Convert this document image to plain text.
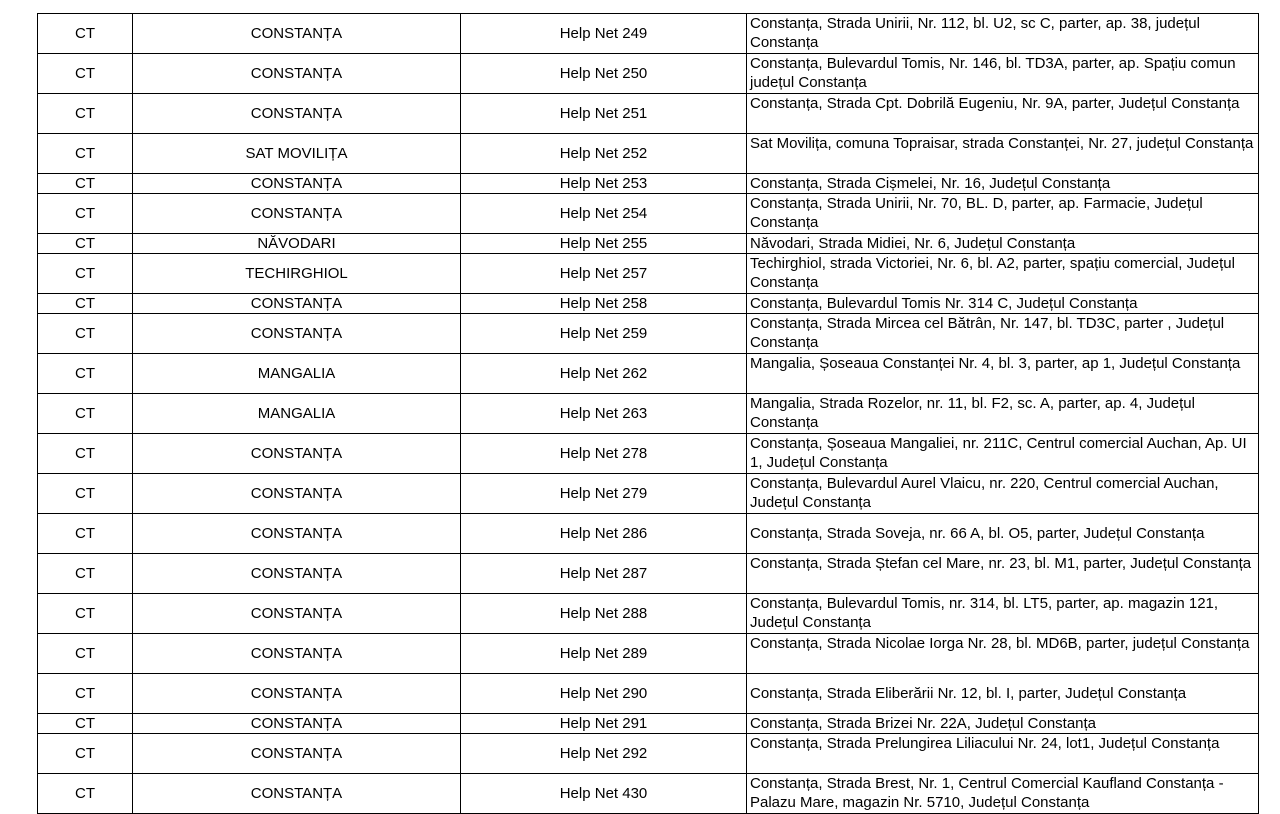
CT	CONSTANȚA	Help Net 249	Constanța, Strada Unirii, Nr. 112, bl. U2, sc C, parter, ap. 38, județul Constanța
CT	CONSTANȚA	Help Net 250	Constanța, Bulevardul Tomis, Nr. 146, bl. TD3A, parter, ap. Spațiu comun județul Constanța
CT	CONSTANȚA	Help Net 251	Constanța, Strada Cpt. Dobrilă Eugeniu, Nr. 9A, parter, Județul Constanța
CT	SAT MOVILIȚA	Help Net 252	Sat Movilița, comuna Topraisar, strada Constanței, Nr. 27, județul Constanța
CT	CONSTANȚA	Help Net 253	Constanța, Strada Cișmelei, Nr. 16, Județul Constanța
CT	CONSTANȚA	Help Net 254	Constanța, Strada Unirii, Nr. 70, BL. D, parter, ap. Farmacie, Județul Constanța
CT	NĂVODARI	Help Net 255	Năvodari, Strada Midiei, Nr. 6, Județul Constanța
CT	TECHIRGHIOL	Help Net 257	Techirghiol, strada Victoriei, Nr. 6, bl. A2, parter, spațiu comercial, Județul Constanța
CT	CONSTANȚA	Help Net 258	Constanța, Bulevardul Tomis Nr. 314 C, Județul Constanța
CT	CONSTANȚA	Help Net 259	Constanța, Strada Mircea cel Bătrân, Nr. 147, bl. TD3C, parter , Județul Constanța
CT	MANGALIA	Help Net 262	Mangalia, Șoseaua Constanței Nr. 4, bl. 3, parter, ap 1, Județul Constanța
CT	MANGALIA	Help Net 263	Mangalia, Strada Rozelor, nr. 11, bl. F2, sc. A, parter, ap. 4, Județul Constanța
CT	CONSTANȚA	Help Net 278	Constanța, Șoseaua Mangaliei, nr. 211C, Centrul comercial Auchan, Ap. UI 1, Județul Constanța
CT	CONSTANȚA	Help Net 279	Constanța, Bulevardul Aurel Vlaicu, nr. 220, Centrul comercial Auchan, Județul Constanța
CT	CONSTANȚA	Help Net 286	Constanța, Strada Soveja, nr. 66 A, bl. O5, parter, Județul Constanța
CT	CONSTANȚA	Help Net 287	Constanța, Strada Ștefan cel Mare, nr. 23, bl. M1, parter, Județul Constanța
CT	CONSTANȚA	Help Net 288	Constanța, Bulevardul Tomis, nr. 314, bl. LT5, parter, ap. magazin 121, Județul Constanța
CT	CONSTANȚA	Help Net 289	Constanța, Strada Nicolae Iorga Nr. 28, bl. MD6B, parter, județul Constanța
CT	CONSTANȚA	Help Net 290	Constanța, Strada Eliberării Nr. 12, bl. I, parter, Județul Constanța
CT	CONSTANȚA	Help Net 291	Constanța, Strada Brizei Nr. 22A, Județul Constanța
CT	CONSTANȚA	Help Net 292	Constanța, Strada Prelungirea Liliacului Nr. 24, lot1, Județul Constanța
CT	CONSTANȚA	Help Net 430	Constanța, Strada Brest, Nr. 1, Centrul Comercial Kaufland Constanța - Palazu Mare, magazin Nr. 5710, Județul Constanța
